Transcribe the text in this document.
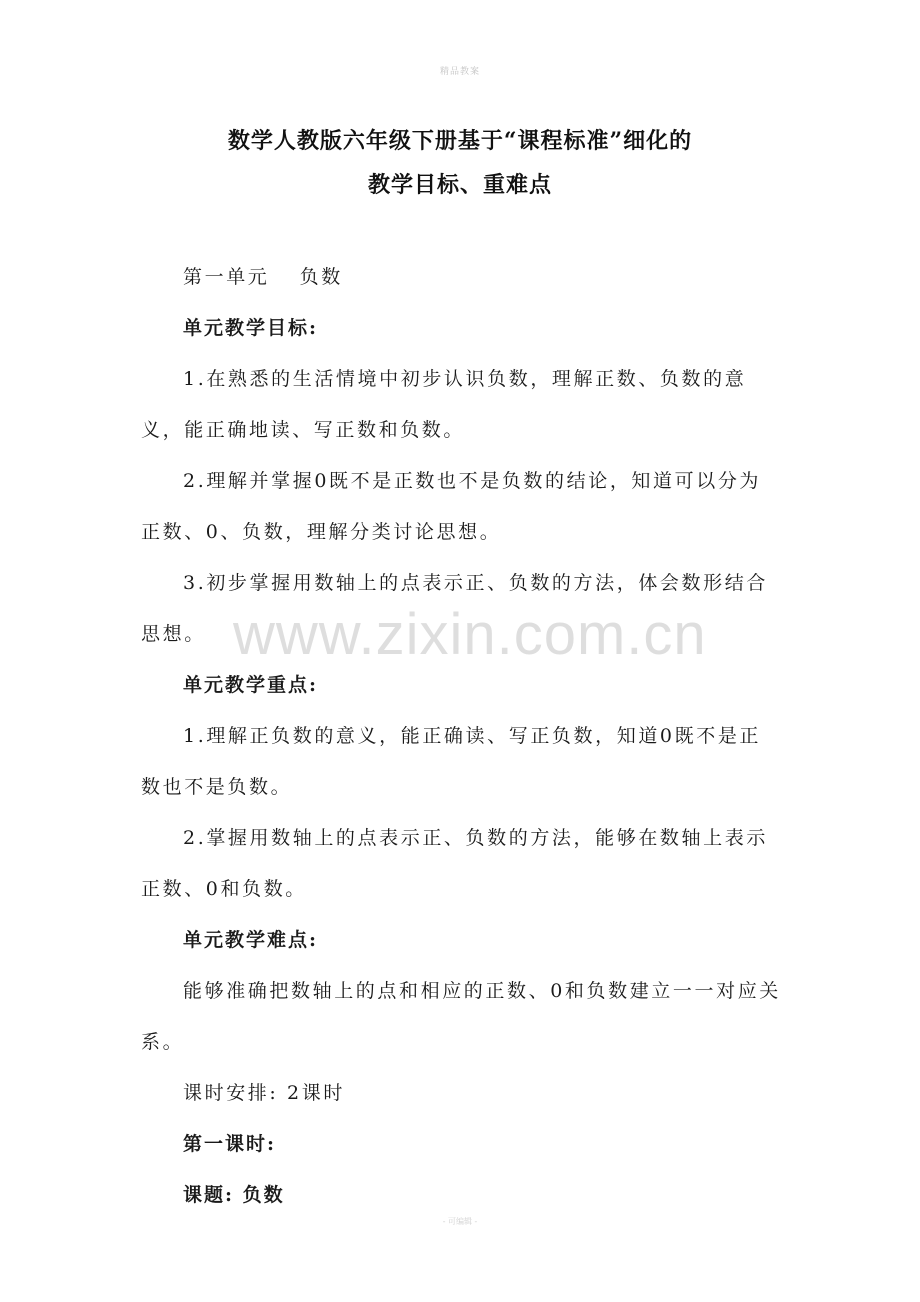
精品教案
数学人教版六年级下册基于“课程标准”细化的
教学目标、重难点

第一单元　 负数

单元教学目标:

1.在熟悉的生活情境中初步认识负数，理解正数、负数的意义，能正确地读、写正数和负数。

2.理解并掌握0既不是正数也不是负数的结论，知道可以分为正数、0、负数，理解分类讨论思想。

3.初步掌握用数轴上的点表示正、负数的方法，体会数形结合思想。

单元教学重点:

1.理解正负数的意义，能正确读、写正负数，知道0既不是正数也不是负数。

2.掌握用数轴上的点表示正、负数的方法，能够在数轴上表示正数、0和负数。

单元教学难点:

能够准确把数轴上的点和相应的正数、0和负数建立一一对应关系。

课时安排: 2课时

第一课时:

课题: 负数

www.zixin.com.cn
- 可编辑 -
